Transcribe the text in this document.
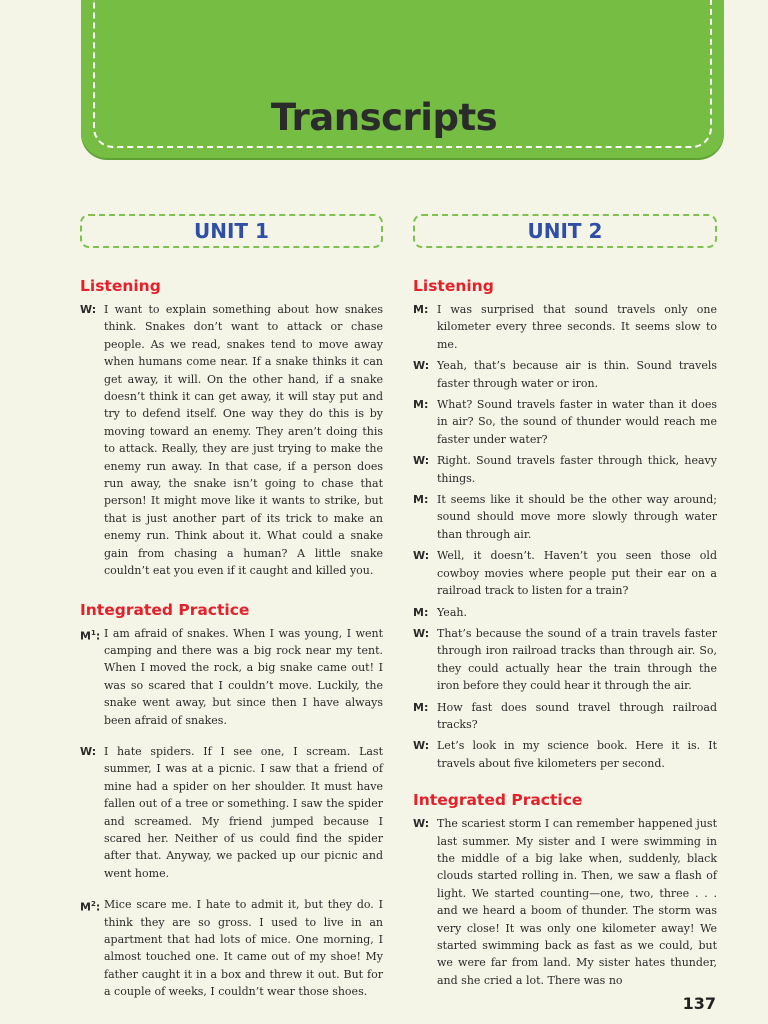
Transcripts
UNIT 1
Listening
W: I want to explain something about how snakes think. Snakes don’t want to attack or chase people. As we read, snakes tend to move away when humans come near. If a snake thinks it can get away, it will. On the other hand, if a snake doesn’t think it can get away, it will stay put and try to defend itself. One way they do this is by moving toward an enemy. They aren’t doing this to attack. Really, they are just trying to make the enemy run away. In that case, if a person does run away, the snake isn’t going to chase that person! It might move like it wants to strike, but that is just another part of its trick to make an enemy run. Think about it. What could a snake gain from chasing a human? A little snake couldn’t eat you even if it caught and killed you.
Integrated Practice
$M^1$: I am afraid of snakes. When I was young, I went camping and there was a big rock near my tent. When I moved the rock, a big snake came out! I was so scared that I couldn’t move. Luckily, the snake went away, but since then I have always been afraid of snakes.
W: I hate spiders. If I see one, I scream. Last summer, I was at a picnic. I saw that a friend of mine had a spider on her shoulder. It must have fallen out of a tree or something. I saw the spider and screamed. My friend jumped because I scared her. Neither of us could find the spider after that. Anyway, we packed up our picnic and went home.
$M^2$: Mice scare me. I hate to admit it, but they do. I think they are so gross. I used to live in an apartment that had lots of mice. One morning, I almost touched one. It came out of my shoe! My father caught it in a box and threw it out. But for a couple of weeks, I couldn’t wear those shoes.
UNIT 2
Listening
M: I was surprised that sound travels only one kilometer every three seconds. It seems slow to me.
W: Yeah, that’s because air is thin. Sound travels faster through water or iron.
M: What? Sound travels faster in water than it does in air? So, the sound of thunder would reach me faster under water?
W: Right. Sound travels faster through thick, heavy things.
M: It seems like it should be the other way around; sound should move more slowly through water than through air.
W: Well, it doesn’t. Haven’t you seen those old cowboy movies where people put their ear on a railroad track to listen for a train?
M: Yeah.
W: That’s because the sound of a train travels faster through iron railroad tracks than through air. So, they could actually hear the train through the iron before they could hear it through the air.
M: How fast does sound travel through railroad tracks?
W: Let’s look in my science book. Here it is. It travels about five kilometers per second.
Integrated Practice
W: The scariest storm I can remember happened just last summer. My sister and I were swimming in the middle of a big lake when, suddenly, black clouds started rolling in. Then, we saw a flash of light. We started counting—one, two, three . . . and we heard a boom of thunder. The storm was very close! It was only one kilometer away! We started swimming back as fast as we could, but we were far from land. My sister hates thunder, and she cried a lot. There was no
137
